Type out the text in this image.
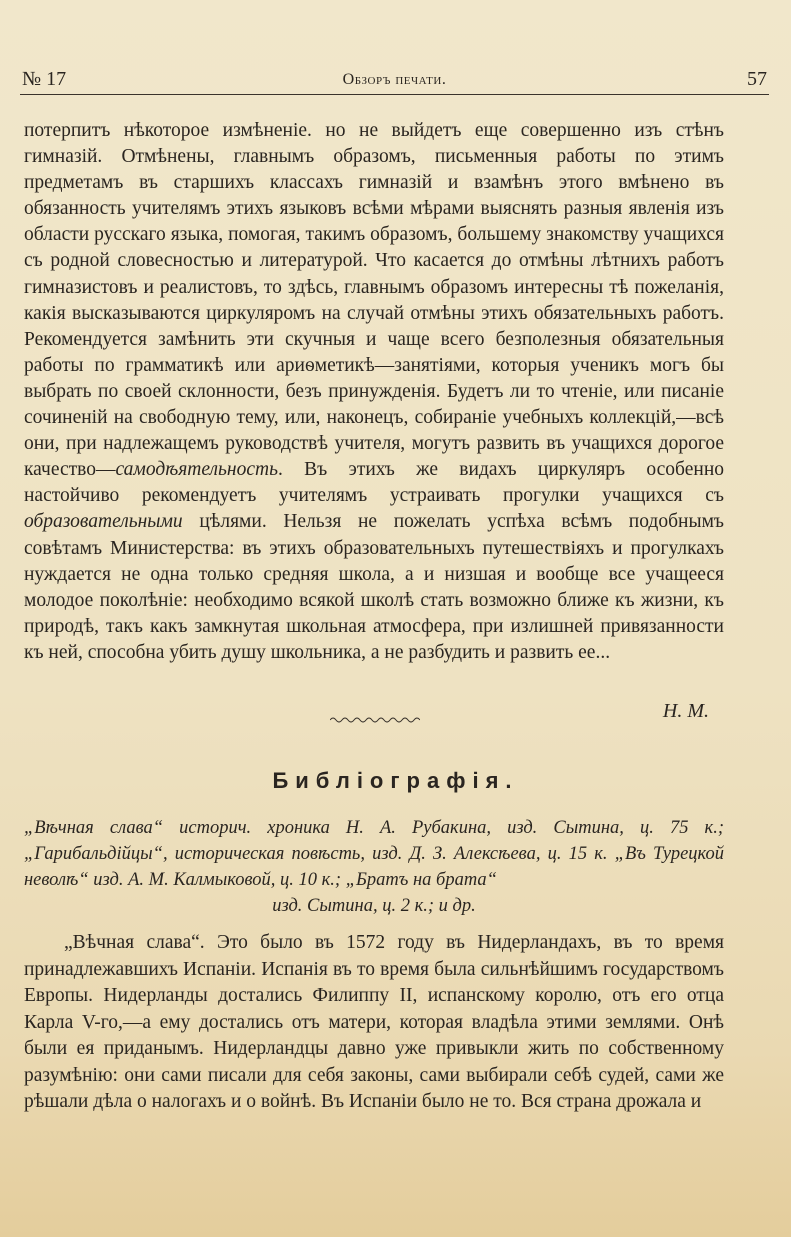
№ 17	Обзоръ печати.	57

потерпитъ нѣкоторое измѣненіе. но не выйдетъ еще совершенно изъ стѣнъ гимназій. Отмѣнены, главнымъ образомъ, письменныя работы по этимъ предметамъ въ старшихъ классахъ гимназій и взамѣнъ этого вмѣнено въ обязанность учителямъ этихъ языковъ всѣми мѣрами выяснять разныя явленія изъ области русскаго языка, помогая, такимъ образомъ, большему знакомству учащихся съ родной словесностью и литературой. Что касается до отмѣны лѣтнихъ работъ гимназистовъ и реалистовъ, то здѣсь, главнымъ образомъ интересны тѣ пожеланія, какія высказываются циркуляромъ на случай отмѣны этихъ обязательныхъ работъ. Рекомендуется замѣнить эти скучныя и чаще всего безполезныя обязательныя работы по грамматикѣ или ариѳметикѣ—занятіями, которыя ученикъ могъ бы выбрать по своей склонности, безъ принужденія. Будетъ ли то чтеніе, или писаніе сочиненій на свободную тему, или, наконецъ, собираніе учебныхъ коллекцій,—всѣ они, при надлежащемъ руководствѣ учителя, могутъ развить въ учащихся дорогое качество—самодѣятельность. Въ этихъ же видахъ циркуляръ особенно настойчиво рекомендуетъ учителямъ устраивать прогулки учащихся съ образовательными цѣлями. Нельзя не пожелать успѣха всѣмъ подобнымъ совѣтамъ Министерства: въ этихъ образовательныхъ путешествіяхъ и прогулкахъ нуждается не одна только средняя школа, а и низшая и вообще все учащееся молодое поколѣніе: необходимо всякой школѣ стать возможно ближе къ жизни, къ природѣ, такъ какъ замкнутая школьная атмосфера, при излишней привязанности къ ней, способна убить душу школьника, а не разбудить и развить ее...

Н. М.
Библіографія.

„Вѣчная слава“ историч. хроника Н. А. Рубакина, изд. Сытина, ц. 75 к.; „Гарибальдійцы“, историческая повѣсть, изд. Д. З. Алексѣева, ц. 15 к. „Въ Турецкой неволѣ“ изд. А. М. Калмыковой, ц. 10 к.; „Братъ на брата“

изд. Сытина, ц. 2 к.; и др.

„Вѣчная слава“. Это было въ 1572 году въ Нидерландахъ, въ то время принадлежавшихъ Испаніи. Испанія въ то время была сильнѣйшимъ государствомъ Европы. Нидерланды достались Филиппу II, испанскому королю, отъ его отца Карла V-го,—а ему достались отъ матери, которая владѣла этими землями. Онѣ были ея приданымъ. Нидерландцы давно уже привыкли жить по собственному разумѣнію: они сами писали для себя законы, сами выбирали себѣ судей, сами же рѣшали дѣла о налогахъ и о войнѣ. Въ Испаніи было не то. Вся страна дрожала и
